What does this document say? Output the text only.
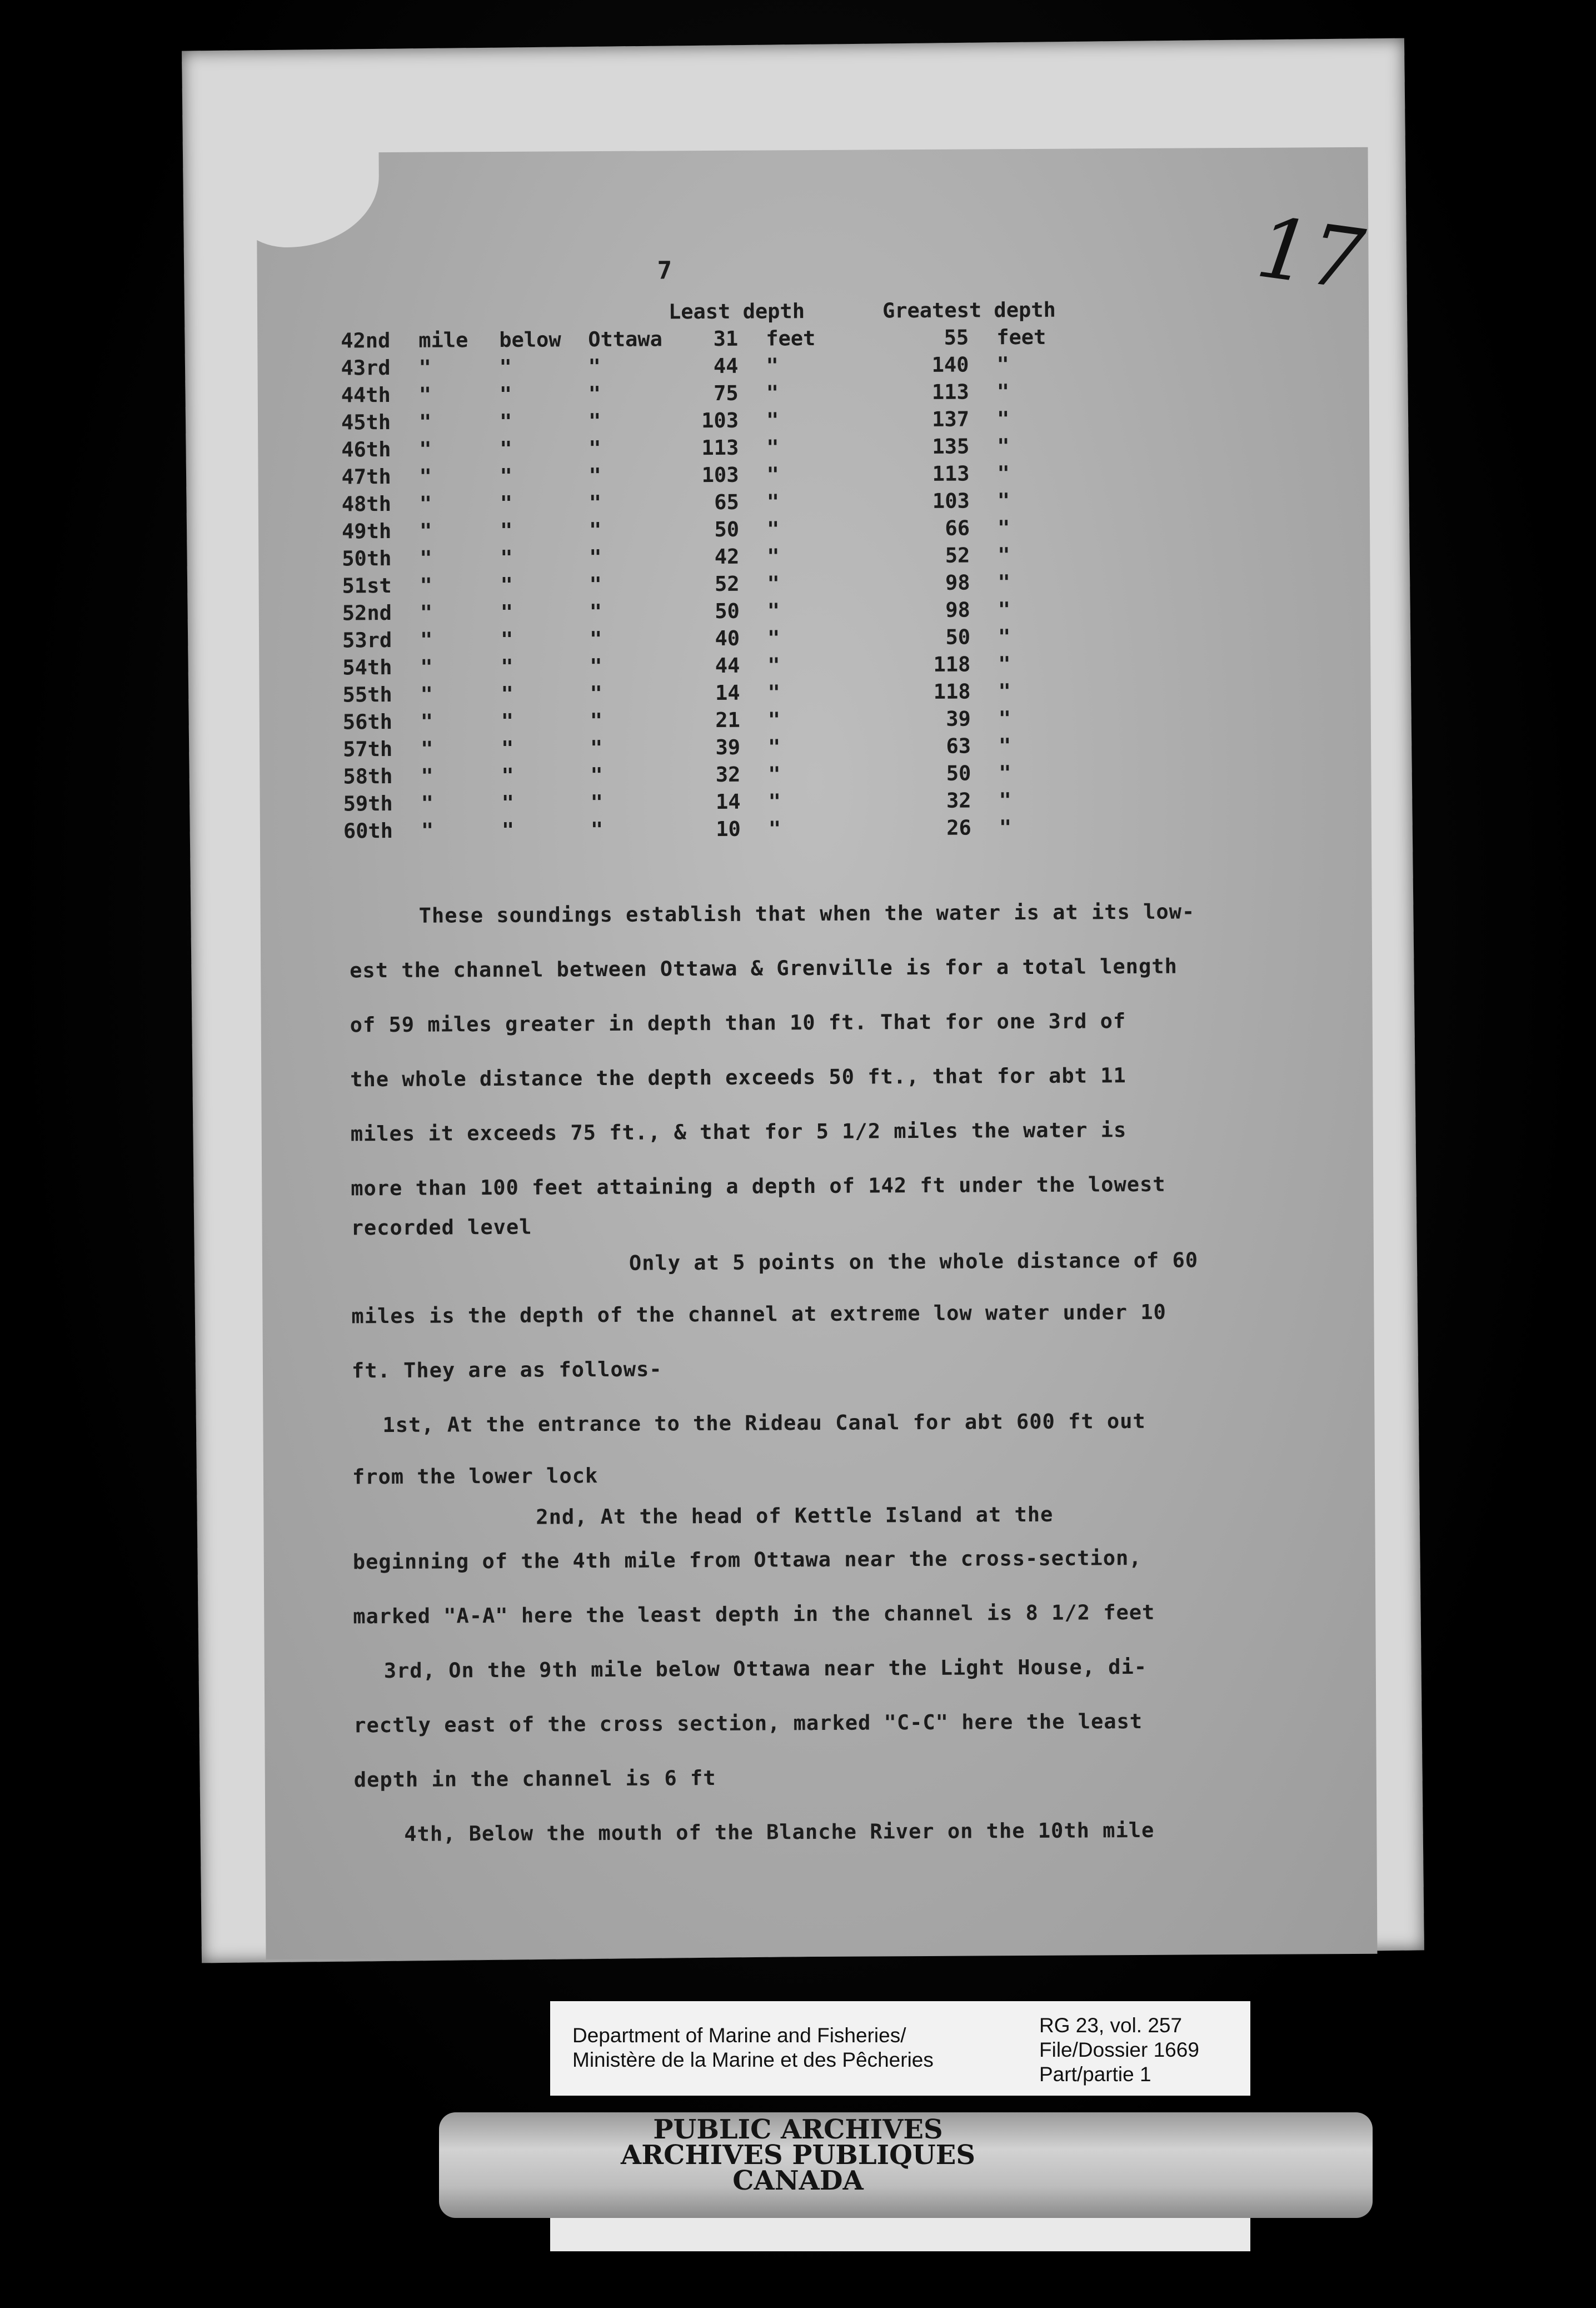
7	17
Least depth	Greatest depth
42nd mile below Ottawa	31 feet	55 feet
43rd "	"	"	44 "	140 "
44th "	"	"	75 "	113 "
45th "	"	"	103 "	137 "
46th "	"	"	113 "	135 "
47th "	"	"	103 "	113 "
48th "	"	"	65 "	103 "
49th "	"	"	50 "	66 "
50th "	"	"	42 "	52 "
51st "	"	"	52 "	98 "
52nd "	"	"	50 "	98 "
53rd "	"	"	40 "	50 "
54th "	"	"	44 "	118 "
55th "	"	"	14 "	118 "
56th "	"	"	21 "	39 "
57th "	"	"	39 "	63 "
58th "	"	"	32 "	50 "
59th "	"	"	14 "	32 "
60th "	"	"	10 "	26 "

These soundings establish that when the water is at its low-

est the channel between Ottawa & Grenville is for a total length

of 59 miles greater in depth than 10 ft. That for one 3rd of

the whole distance the depth exceeds 50 ft., that for abt 11

miles it exceeds 75 ft., & that for 5 1/2 miles the water is

more than 100 feet attaining a depth of 142 ft under the lowest

recorded level

Only at 5 points on the whole distance of 60

miles is the depth of the channel at extreme low water under 10

ft. They are as follows-

1st, At the entrance to the Rideau Canal for abt 600 ft out

from the lower lock

2nd, At the head of Kettle Island at the

beginning of the 4th mile from Ottawa near the cross-section,

marked "A-A" here the least depth in the channel is 8 1/2 feet

3rd, On the 9th mile below Ottawa near the Light House, di-

rectly east of the cross section, marked "C-C" here the least

depth in the channel is 6 ft

4th, Below the mouth of the Blanche River on the 10th mile

Department of Marine and Fisheries/
Ministère de la Marine et des Pêcheries
RG 23, vol. 257
File/Dossier 1669
Part/partie 1
PUBLIC ARCHIVES
ARCHIVES PUBLIQUES
CANADA
